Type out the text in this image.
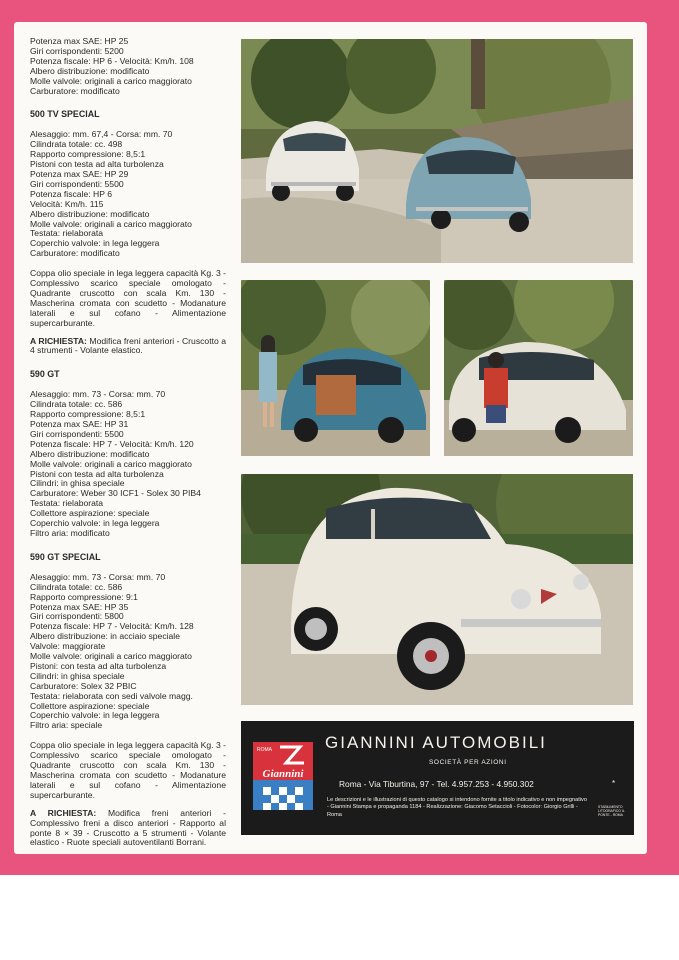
Potenza max SAE: HP 25
Giri corrispondenti: 5200
Potenza fiscale: HP 6 - Velocità: Km/h. 108
Albero distribuzione: modificato
Molle valvole: originali a carico maggiorato
Carburatore: modificato
500 TV SPECIAL
Alesaggio: mm. 67,4 - Corsa: mm. 70
Cilindrata totale: cc. 498
Rapporto compressione: 8,5:1
Pistoni con testa ad alta turbolenza
Potenza max SAE: HP 29
Giri corrispondenti: 5500
Potenza fiscale: HP 6
Velocità: Km/h. 115
Albero distribuzione: modificato
Molle valvole: originali a carico maggiorato
Testata: rielaborata
Coperchio valvole: in lega leggera
Carburatore: modificato
Coppa olio speciale in lega leggera capacità Kg. 3 - Complessivo scarico speciale omologato - Quadrante cruscotto con scala Km. 130 - Mascherina cromata con scudetto - Modanature laterali e sul cofano - Alimentazione supercarburante.
A RICHIESTA: Modifica freni anteriori - Cruscotto a 4 strumenti - Volante elastico.
590 GT
Alesaggio: mm. 73 - Corsa: mm. 70
Cilindrata totale: cc. 586
Rapporto compressione: 8,5:1
Potenza max SAE: HP 31
Giri corrispondenti: 5500
Potenza fiscale: HP 7 - Velocità: Km/h. 120
Albero distribuzione: modificato
Molle valvole: originali a carico maggiorato
Pistoni con testa ad alta turbolenza
Cilindri: in ghisa speciale
Carburatore: Weber 30 ICF1 - Solex 30 PIB4
Testata: rielaborata
Collettore aspirazione: speciale
Coperchio valvole: in lega leggera
Filtro aria: modificato
590 GT SPECIAL
Alesaggio: mm. 73 - Corsa: mm. 70
Cilindrata totale: cc. 586
Rapporto compressione: 9:1
Potenza max SAE: HP 35
Giri corrispondenti: 5800
Potenza fiscale: HP 7 - Velocità: Km/h. 128
Albero distribuzione: in acciaio speciale
Valvole: maggiorate
Molle valvole: originali a carico maggiorato
Pistoni: con testa ad alta turbolenza
Cilindri: in ghisa speciale
Carburatore: Solex 32 PBIC
Testata: rielaborata con sedi valvole magg.
Collettore aspirazione: speciale
Coperchio valvole: in lega leggera
Filtro aria: speciale
Coppa olio speciale in lega leggera capacità Kg. 3 - Complessivo scarico speciale omologato - Quadrante cruscotto con scala Km. 130 - Mascherina cromata con scudetto - Modanature laterali e sul cofano - Alimentazione supercarburante.
A RICHIESTA: Modifica freni anteriori - Complessivo freni a disco anteriori - Rapporto al ponte 8 × 39 - Cruscotto a 5 strumenti - Volante elastico - Ruote speciali autoventilanti Borrani.
ROMA
Giannini
GIANNINI AUTOMOBILI
SOCIETÀ PER AZIONI
Roma - Via Tiburtina, 97 - Tel. 4.957.253 - 4.950.302	*
Le descrizioni e le illustrazioni di questo catalogo si intendono fornite a titolo indicativo e non impegnativo - Giannini Stampa e propaganda 1184 - Realizzazione: Giacomo Setaccioli - Fotocolor: Giorgio Grilli - Roma
STABILIMENTO LITOGRAFICO IL PONTE - ROMA
